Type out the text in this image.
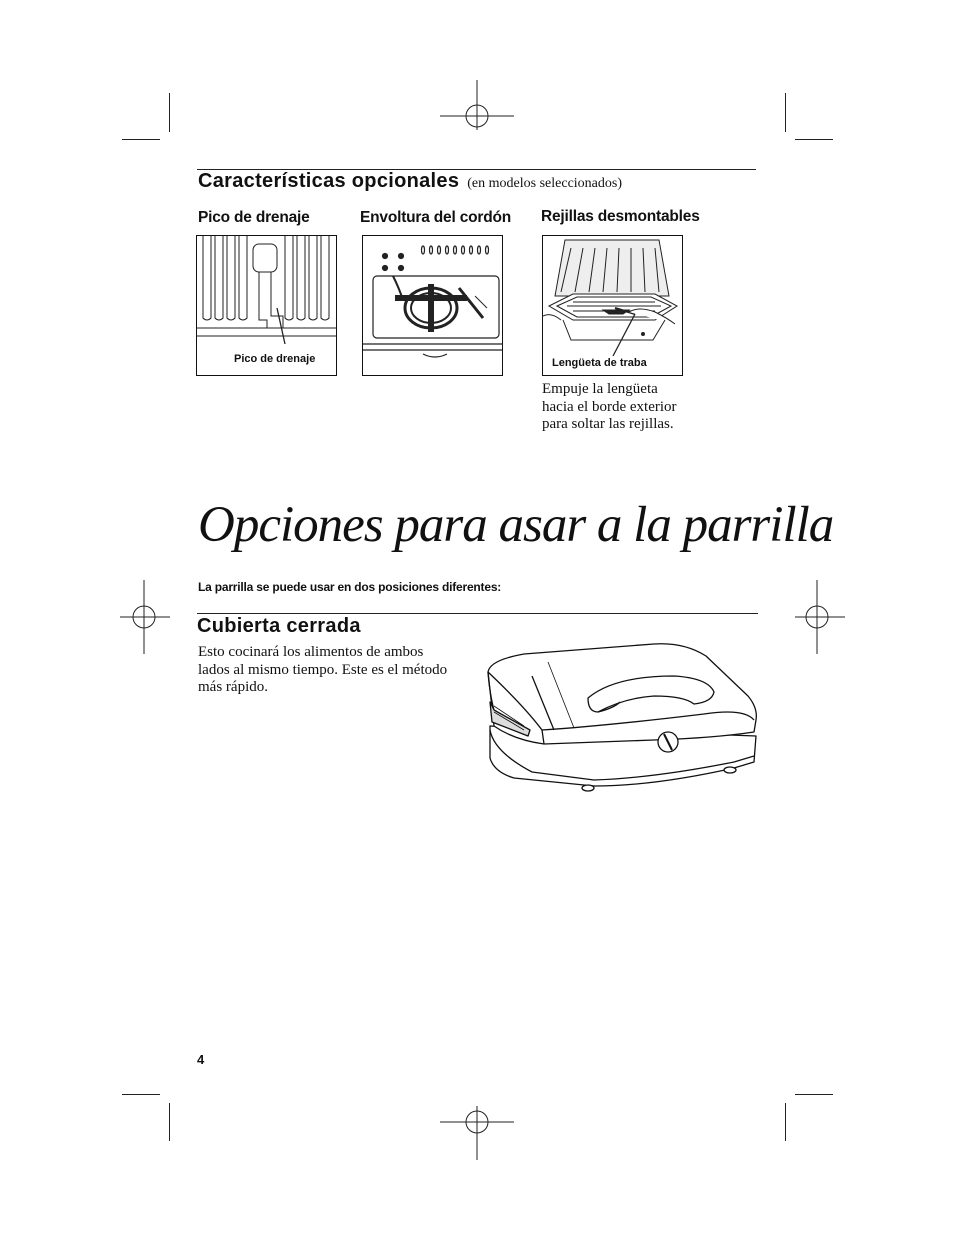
Características opcionales (en modelos seleccionados)
Pico de drenaje	Envoltura del cordón Rejillas desmontables
Pico de drenaje	Lengüeta de traba
Empuje la lengüeta hacia el borde exterior para soltar las rejillas.
Opciones para asar a la parrilla
La parrilla se puede usar en dos posiciones diferentes:
Cubierta cerrada
Esto cocinará los alimentos de ambos lados al mismo tiempo. Este es el método más rápido.
4
